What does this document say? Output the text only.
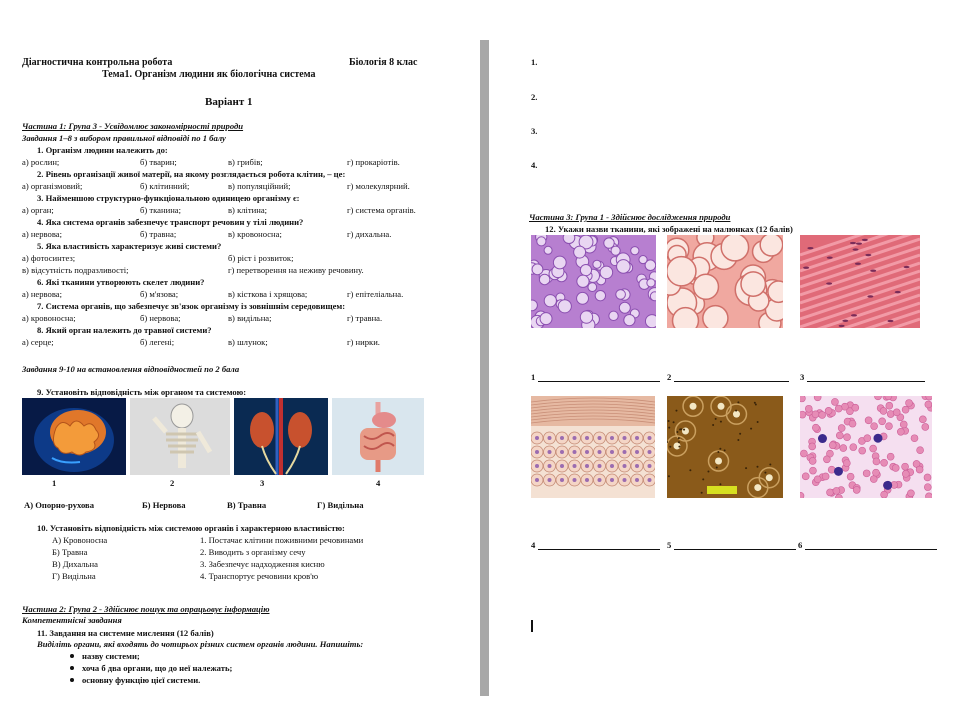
Діагностична контрольна робота	Біологія 8 клас
Тема1. Організм людини як біологічна система
Варіант 1
Частина 1: Група 3 - Усвідомлює закономірності природи
Завдання 1–8 з вибором правильної відповіді по 1 балу
1. Організм людини належить до:
а) рослин;	б) тварин;	в) грибів;	г) прокаріотів.
2. Рівень організації живої матерії, на якому розглядається робота клітин, – це:
а) організмовий;	б) клітинний;	в) популяційний;	г) молекулярний.
3. Найменшою структурно-функціональною одиницею організму є:
а) орган;	б) тканина;	в) клітина;	г) система органів.
4. Яка система органів забезпечує транспорт речовин у тілі людини?
а) нервова;	б) травна;	в) кровоносна;	г) дихальна.
5. Яка властивість характеризує живі системи?
а) фотосинтез;	б) ріст і розвиток;
в) відсутність подразливості;	г) перетворення на неживу речовину.
6. Які тканини утворюють скелет людини?
а) нервова;	б) м'язова;	в) кісткова і хрящова;	г) епітеліальна.
7. Система органів, що забезпечує зв'язок організму із зовнішнім середовищем:
а) кровоносна;	б) нервова;	в) видільна;	г) травна.
8. Який орган належить до травної системи?
а) серце;	б) легені;	в) шлунок;	г) нирки.
Завдання 9-10 на встановлення відповідностей по 2 бала
9. Установіть відповідність між органом та системою:
1	2	3	4
А) Опорно-рухова	Б) Нервова	В) Травна	Г) Видільна
10. Установіть відповідність між системою органів і характерною властивістю:
А) Кровоносна
Б) Травна
В) Дихальна
Г) Видільна
1. Постачає клітини поживними речовинами
2. Виводить з організму сечу
3. Забезпечує надходження кисню
4. Транспортує речовини кров'ю
Частина 2: Група 2 - Здійснює пошук та опрацьовує інформацію
Компетентнісні завдання
11. Завдання на системне мислення (12 балів)
Виділіть органи, які входять до чотирьох різних систем органів людини. Напишіть:
назву системи;
хоча б два органи, що до неї належать;
основну функцію цієї системи.
1.
2.
3.
4.
Частина 3: Група 1 - Здійснює дослідження природи
12. Укажи назви тканини, які зображені на малюнках (12 балів)
1	2	3
4	5	6
